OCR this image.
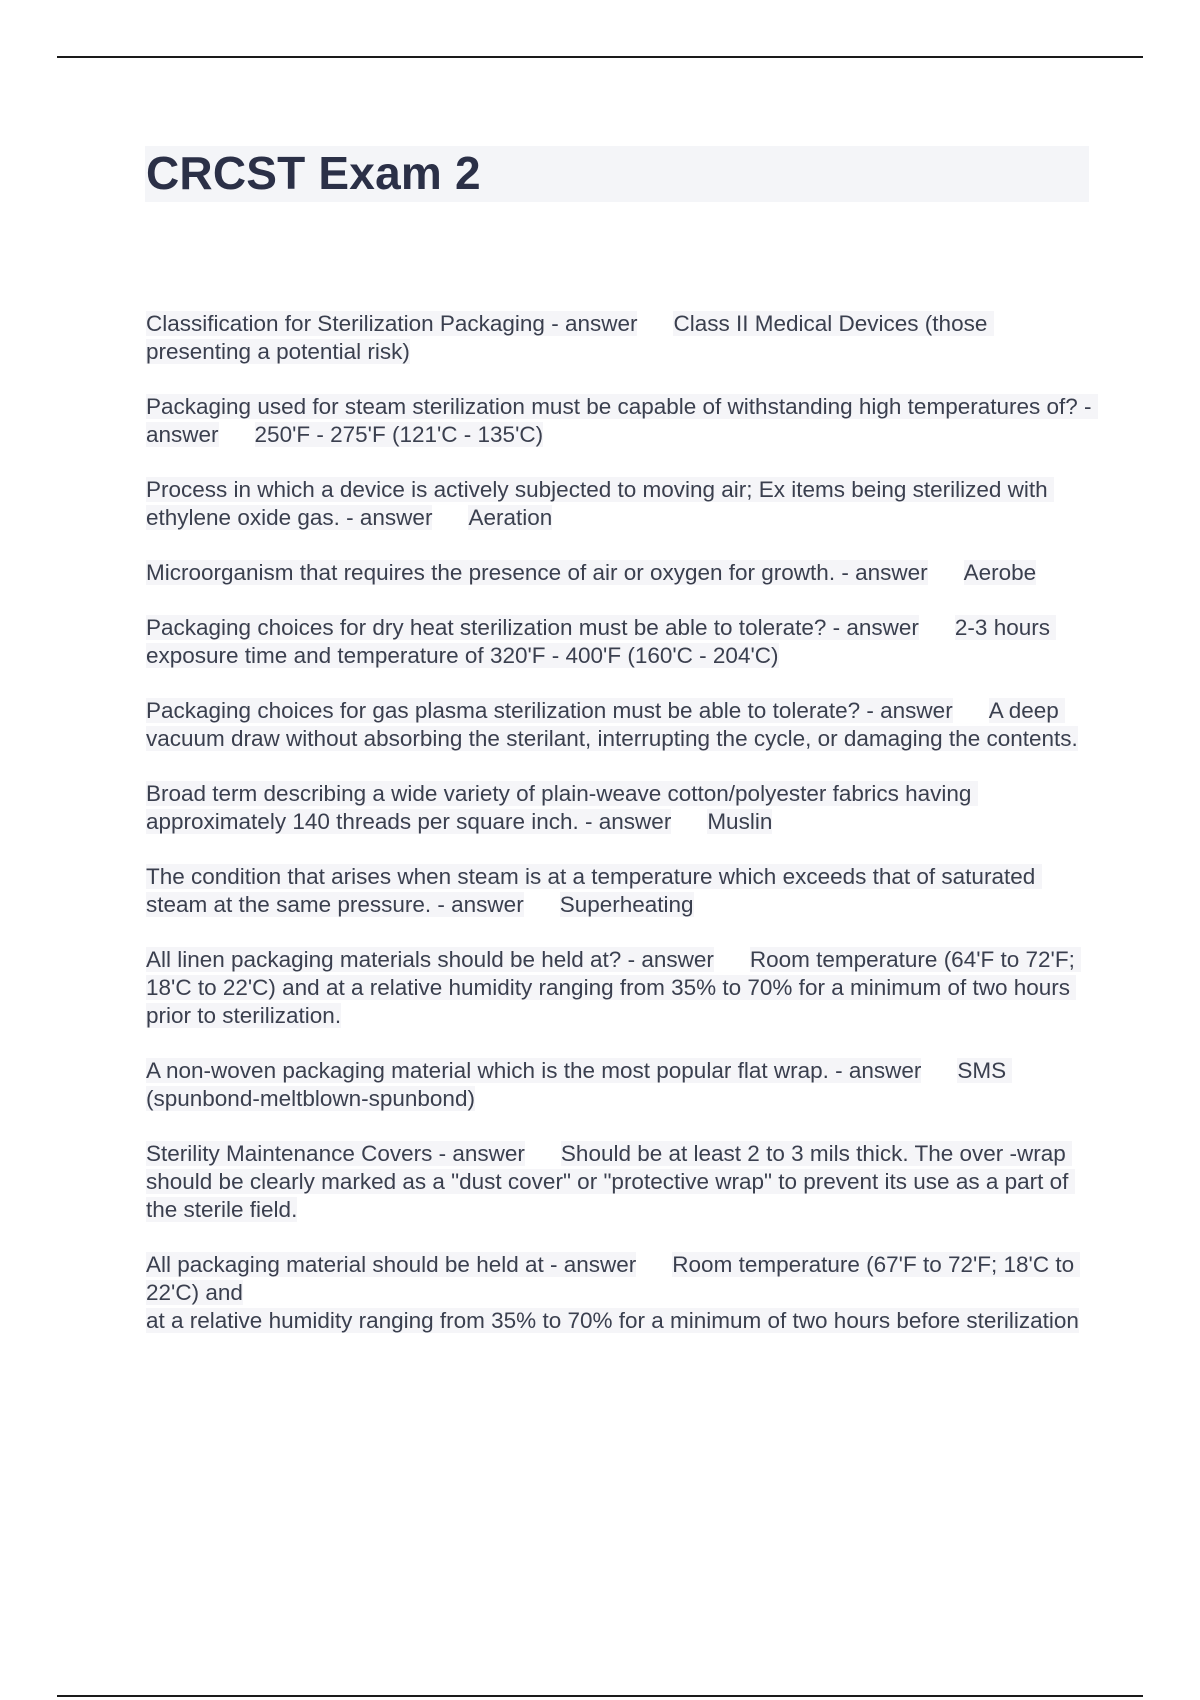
CRCST Exam 2
Classification for Sterilization Packaging - answer Class II Medical Devices (those presenting a potential risk)
Packaging used for steam sterilization must be capable of withstanding high temperatures of? - answer 250'F - 275'F (121'C - 135'C)
Process in which a device is actively subjected to moving air; Ex items being sterilized with ethylene oxide gas. - answer Aeration
Microorganism that requires the presence of air or oxygen for growth. - answer Aerobe
Packaging choices for dry heat sterilization must be able to tolerate? - answer 2-3 hours exposure time and temperature of 320'F - 400'F (160'C - 204'C)
Packaging choices for gas plasma sterilization must be able to tolerate? - answer A deep vacuum draw without absorbing the sterilant, interrupting the cycle, or damaging the contents.
Broad term describing a wide variety of plain-weave cotton/polyester fabrics having approximately 140 threads per square inch. - answer Muslin
The condition that arises when steam is at a temperature which exceeds that of saturated steam at the same pressure. - answer Superheating
All linen packaging materials should be held at? - answer Room temperature (64'F to 72'F; 18'C to 22'C) and at a relative humidity ranging from 35% to 70% for a minimum of two hours prior to sterilization.
A non-woven packaging material which is the most popular flat wrap. - answer SMS (spunbond-meltblown-spunbond)
Sterility Maintenance Covers - answer Should be at least 2 to 3 mils thick. The over -wrap should be clearly marked as a "dust cover" or "protective wrap" to prevent its use as a part of the sterile field.
All packaging material should be held at - answer Room temperature (67'F to 72'F; 18'C to 22'C) and
at a relative humidity ranging from 35% to 70% for a minimum of two hours before sterilization
